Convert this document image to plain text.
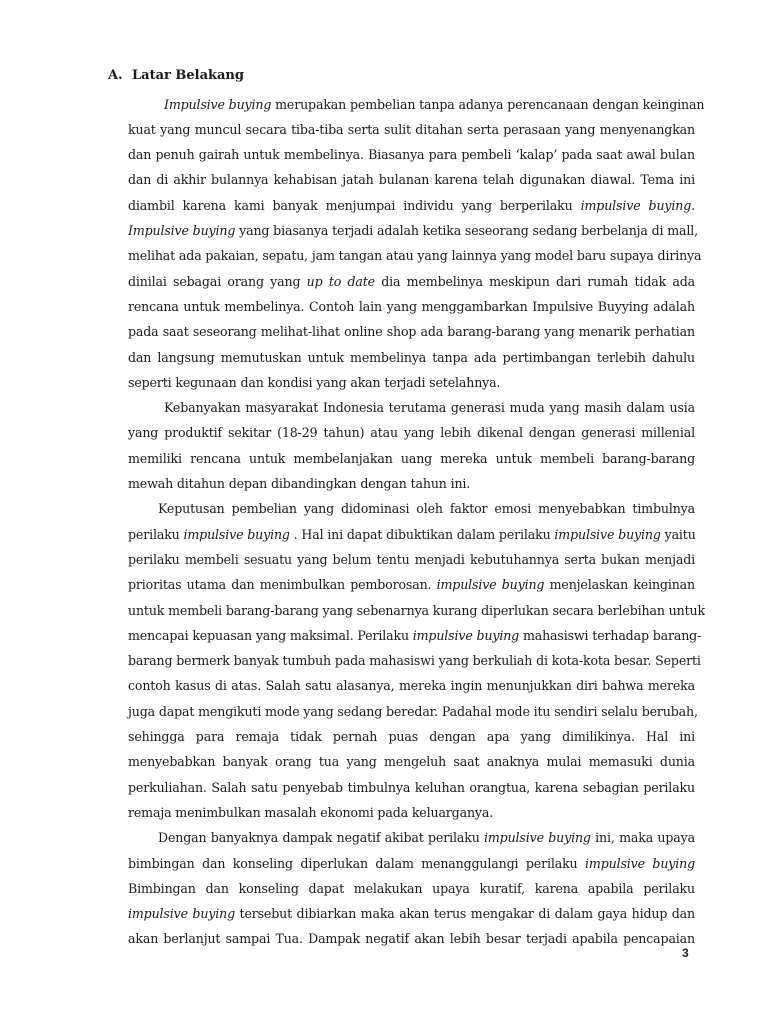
A. Latar Belakang
Impulsive buying merupakan pembelian tanpa adanya perencanaan dengan keinginan
kuat yang muncul secara tiba-tiba serta sulit ditahan serta perasaan yang menyenangkan
dan penuh gairah untuk membelinya. Biasanya para pembeli ‘kalap’ pada saat awal bulan
dan di akhir bulannya kehabisan jatah bulanan karena telah digunakan diawal. Tema ini
diambil karena kami banyak menjumpai individu yang berperilaku impulsive buying.
Impulsive buying yang biasanya terjadi adalah ketika seseorang sedang berbelanja di mall,
melihat ada pakaian, sepatu, jam tangan atau yang lainnya yang model baru supaya dirinya
dinilai sebagai orang yang up to date dia membelinya meskipun dari rumah tidak ada
rencana untuk membelinya. Contoh lain yang menggambarkan Impulsive Buyying adalah
pada saat seseorang melihat-lihat online shop ada barang-barang yang menarik perhatian
dan langsung memutuskan untuk membelinya tanpa ada pertimbangan terlebih dahulu
seperti kegunaan dan kondisi yang akan terjadi setelahnya.
Kebanyakan masyarakat Indonesia terutama generasi muda yang masih dalam usia
yang produktif sekitar (18-29 tahun) atau yang lebih dikenal dengan generasi millenial
memiliki rencana untuk membelanjakan uang mereka untuk membeli barang-barang
mewah ditahun depan dibandingkan dengan tahun ini.
Keputusan pembelian yang didominasi oleh faktor emosi menyebabkan timbulnya
perilaku impulsive buying . Hal ini dapat dibuktikan dalam perilaku impulsive buying yaitu
perilaku membeli sesuatu yang belum tentu menjadi kebutuhannya serta bukan menjadi
prioritas utama dan menimbulkan pemborosan. impulsive buying menjelaskan keinginan
untuk membeli barang-barang yang sebenarnya kurang diperlukan secara berlebihan untuk
mencapai kepuasan yang maksimal. Perilaku impulsive buying mahasiswi terhadap barang-
barang bermerk banyak tumbuh pada mahasiswi yang berkuliah di kota-kota besar. Seperti
contoh kasus di atas. Salah satu alasanya, mereka ingin menunjukkan diri bahwa mereka
juga dapat mengikuti mode yang sedang beredar. Padahal mode itu sendiri selalu berubah,
sehingga para remaja tidak pernah puas dengan apa yang dimilikinya. Hal ini
menyebabkan banyak orang tua yang mengeluh saat anaknya mulai memasuki dunia
perkuliahan. Salah satu penyebab timbulnya keluhan orangtua, karena sebagian perilaku
remaja menimbulkan masalah ekonomi pada keluarganya.
Dengan banyaknya dampak negatif akibat perilaku impulsive buying ini, maka upaya
bimbingan dan konseling diperlukan dalam menanggulangi perilaku impulsive buying
Bimbingan dan konseling dapat melakukan upaya kuratif, karena apabila perilaku
impulsive buying tersebut dibiarkan maka akan terus mengakar di dalam gaya hidup dan
akan berlanjut sampai Tua. Dampak negatif akan lebih besar terjadi apabila pencapaian
3
